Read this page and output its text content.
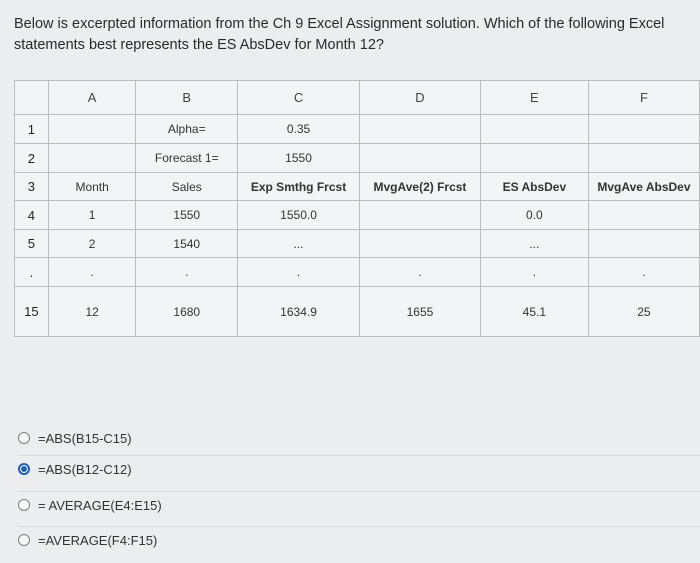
Below is excerpted information from the Ch 9 Excel Assignment solution. Which of the following Excel statements best represents the ES AbsDev for Month 12?
	A	B	C	D	E	F
1		Alpha=	0.35			
2		Forecast 1=	1550			
3	Month	Sales	Exp Smthg Frcst	MvgAve(2) Frcst	ES AbsDev	MvgAve AbsDev
4	1	1550	1550.0		0.0	
5	2	1540	...		...	
.	.	.	.	.	.	.
15	12	1680	1634.9	1655	45.1	25
=ABS(B15-C15)
=ABS(B12-C12)
= AVERAGE(E4:E15)
=AVERAGE(F4:F15)
